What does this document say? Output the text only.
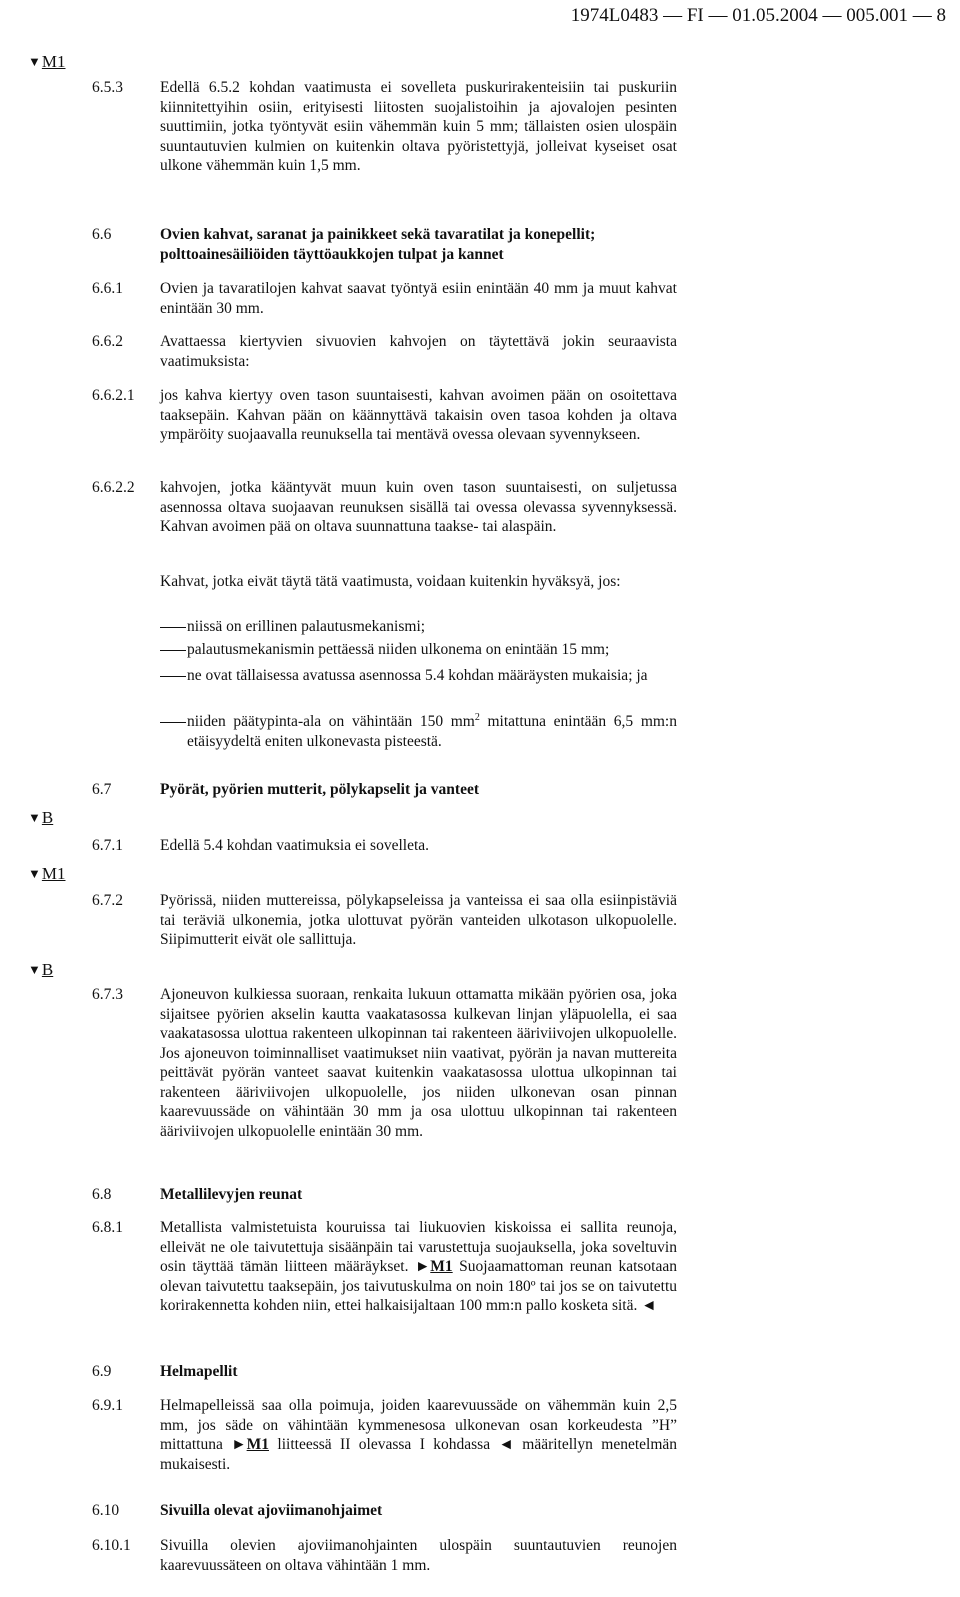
1974L0483 — FI — 01.05.2004 — 005.001 — 8
▼M1
▼B
▼M1
▼B
6.5.3 Edellä 6.5.2 kohdan vaatimusta ei sovelleta puskurirakenteisiin tai puskuriin kiinnitettyihin osiin, erityisesti liitosten suojalistoihin ja ajovalojen pesinten suuttimiin, jotka työntyvät esiin vähemmän kuin 5 mm; tällaisten osien ulospäin suuntautuvien kulmien on kuitenkin oltava pyöristettyjä, jolleivat kyseiset osat ulkone vähemmän kuin 1,5 mm.
6.6	Ovien kahvat, saranat ja painikkeet sekä tavaratilat ja konepellit; polttoainesäiliöiden täyttöaukkojen tulpat ja kannet
6.6.1 Ovien ja tavaratilojen kahvat saavat työntyä esiin enintään 40 mm ja muut kahvat enintään 30 mm.
6.6.2 Avattaessa kiertyvien sivuovien kahvojen on täytettävä jokin seuraavista vaatimuksista:
6.6.2.1 jos kahva kiertyy oven tason suuntaisesti, kahvan avoimen pään on osoitettava taaksepäin. Kahvan pään on käännyttävä takaisin oven tasoa kohden ja oltava ympäröity suojaavalla reunuksella tai mentävä ovessa olevaan syvennykseen.
6.6.2.2 kahvojen, jotka kääntyvät muun kuin oven tason suuntaisesti, on suljetussa asennossa oltava suojaavan reunuksen sisällä tai ovessa olevassa syvennyksessä. Kahvan avoimen pää on oltava suunnattuna taakse- tai alaspäin.
Kahvat, jotka eivät täytä tätä vaatimusta, voidaan kuitenkin hyväksyä, jos:
niissä on erillinen palautusmekanismi;
palautusmekanismin pettäessä niiden ulkonema on enintään 15 mm;
ne ovat tällaisessa avatussa asennossa 5.4 kohdan määräysten mukaisia; ja
niiden päätypinta-ala on vähintään 150 $mm^2$ mitattuna enintään 6,5 mm:n etäisyydeltä eniten ulkonevasta pisteestä.
6.7	Pyörät, pyörien mutterit, pölykapselit ja vanteet
6.7.1 Edellä 5.4 kohdan vaatimuksia ei sovelleta.
6.7.2 Pyörissä, niiden muttereissa, pölykapseleissa ja vanteissa ei saa olla esiinpistäviä tai teräviä ulkonemia, jotka ulottuvat pyörän vanteiden ulkotason ulkopuolelle. Siipimutterit eivät ole sallittuja.
6.7.3 Ajoneuvon kulkiessa suoraan, renkaita lukuun ottamatta mikään pyörien osa, joka sijaitsee pyörien akselin kautta vaakatasossa kulkevan linjan yläpuolella, ei saa vaakatasossa ulottua rakenteen ulkopinnan tai rakenteen ääriviivojen ulkopuolelle. Jos ajoneuvon toiminnalliset vaatimukset niin vaativat, pyörän ja navan muttereita peittävät pyörän vanteet saavat kuitenkin vaakatasossa ulottua ulkopinnan tai rakenteen ääriviivojen ulkopuolelle, jos niiden ulkonevan osan pinnan kaarevuussäde on vähintään 30 mm ja osa ulottuu ulkopinnan tai rakenteen ääriviivojen ulkopuolelle enintään 30 mm.
6.8	Metallilevyjen reunat
6.8.1 Metallista valmistetuista kouruissa tai liukuovien kiskoissa ei sallita reunoja, elleivät ne ole taivutettuja sisäänpäin tai varustettuja suojauksella, joka soveltuvin osin täyttää tämän liitteen määräykset. ►M1 Suojaamattoman reunan katsotaan olevan taivutettu taaksepäin, jos taivutuskulma on noin 180º tai jos se on taivutettu korirakennetta kohden niin, ettei halkaisijaltaan 100 mm:n pallo kosketa sitä. ◄
6.9	Helmapellit
6.9.1 Helmapelleissä saa olla poimuja, joiden kaarevuussäde on vähemmän kuin 2,5 mm, jos säde on vähintään kymmenesosa ulkonevan osan korkeudesta ”H” mittattuna ►M1 liitteessä II olevassa I kohdassa ◄ määritellyn menetelmän mukaisesti.
6.10	Sivuilla olevat ajoviimanohjaimet
6.10.1 Sivuilla olevien ajoviimanohjainten ulospäin suuntautuvien reunojen kaarevuussäteen on oltava vähintään 1 mm.
